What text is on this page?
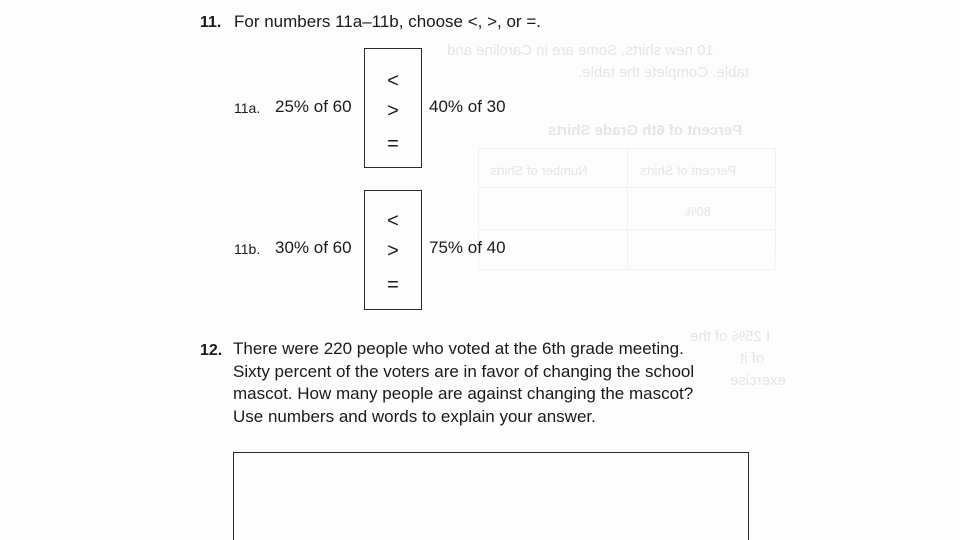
10 new shirts. Some are in Caroline and
table. Complete the table.
Percent of 6th Grade Shirts
Number of Shirts	Percent of Shirts
80%
I 25% of the
of it
exercise
11. For numbers 11a–11b, choose <, >, or =.
11a. 25% of 60
<
>
=
40% of 30
11b. 30% of 60
<
>
=
75% of 40
12. There were 220 people who voted at the 6th grade meeting.
Sixty percent of the voters are in favor of changing the school
mascot. How many people are against changing the mascot?
Use numbers and words to explain your answer.
